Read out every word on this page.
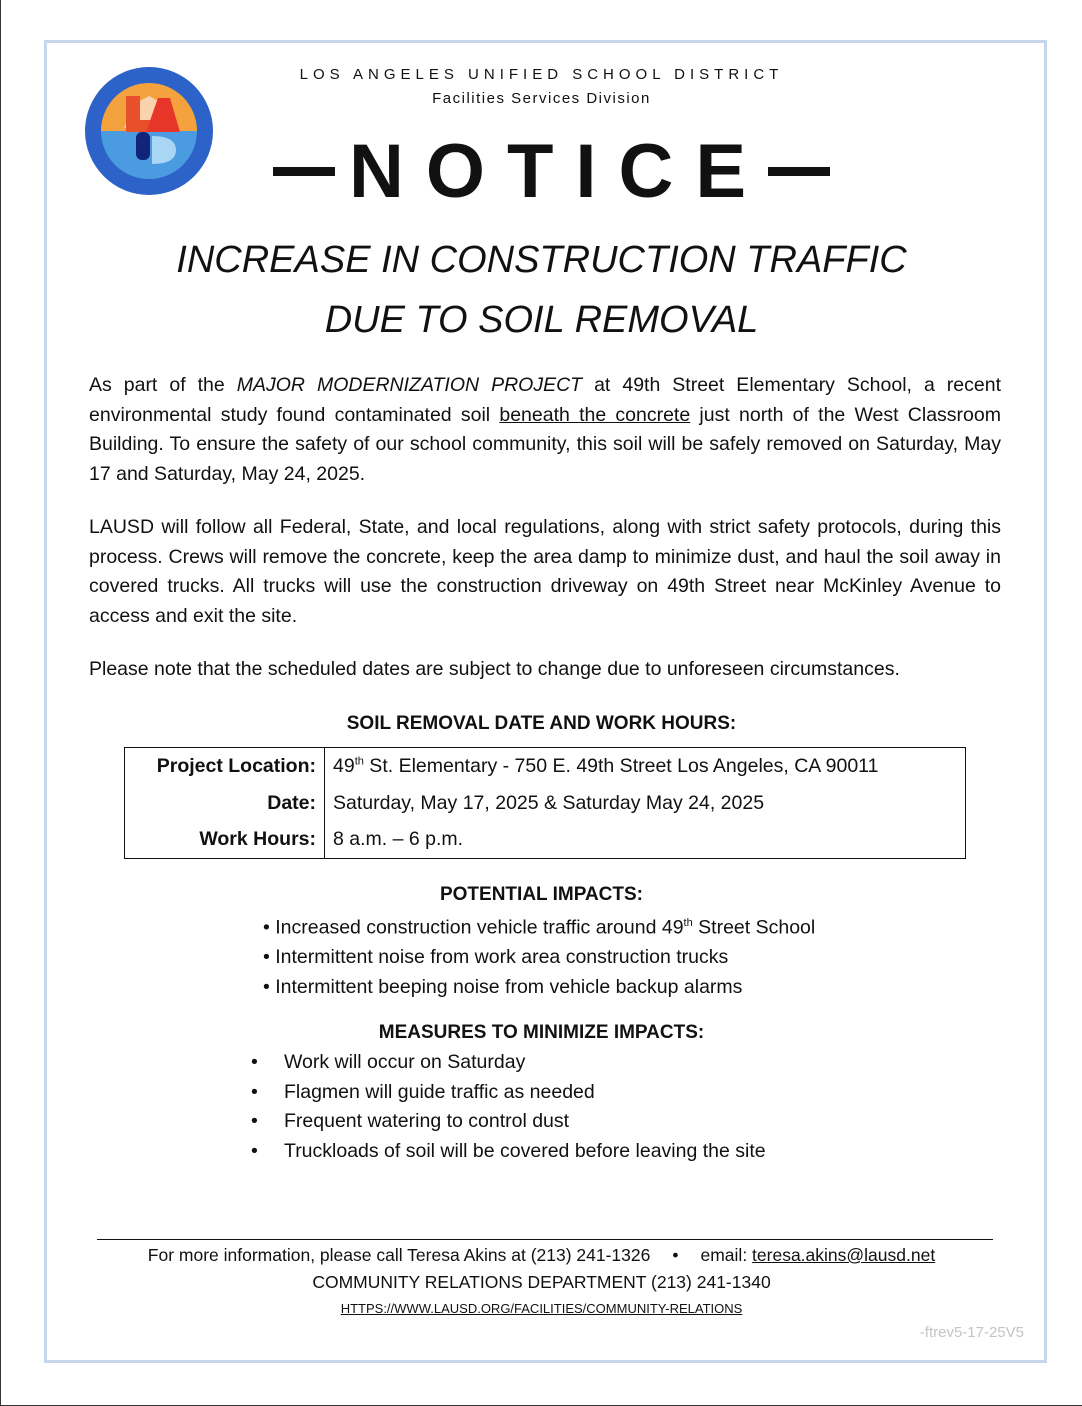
LOS ANGELES UNIFIED SCHOOL DISTRICT
Facilities Services Division
NOTICE
INCREASE IN CONSTRUCTION TRAFFIC
DUE TO SOIL REMOVAL
As part of the MAJOR MODERNIZATION PROJECT at 49th Street Elementary School, a recent environmental study found contaminated soil beneath the concrete just north of the West Classroom Building. To ensure the safety of our school community, this soil will be safely removed on Saturday, May 17 and Saturday, May 24, 2025.
LAUSD will follow all Federal, State, and local regulations, along with strict safety protocols, during this process. Crews will remove the concrete, keep the area damp to minimize dust, and haul the soil away in covered trucks. All trucks will use the construction driveway on 49th Street near McKinley Avenue to access and exit the site.
Please note that the scheduled dates are subject to change due to unforeseen circumstances.
SOIL REMOVAL DATE AND WORK HOURS:
Project Location:	49th St. Elementary - 750 E. 49th Street Los Angeles, CA 90011
Date:	Saturday, May 17, 2025 & Saturday May 24, 2025
Work Hours:	8 a.m. – 6 p.m.
POTENTIAL IMPACTS:
• Increased construction vehicle traffic around 49th Street School
• Intermittent noise from work area construction trucks
• Intermittent beeping noise from vehicle backup alarms
MEASURES TO MINIMIZE IMPACTS:
• Work will occur on Saturday
• Flagmen will guide traffic as needed
• Frequent watering to control dust
• Truckloads of soil will be covered before leaving the site
For more information, please call Teresa Akins at (213) 241-1326 • email: teresa.akins@lausd.net
COMMUNITY RELATIONS DEPARTMENT (213) 241-1340
HTTPS://WWW.LAUSD.ORG/FACILITIES/COMMUNITY-RELATIONS
-ftrev5-17-25V5
